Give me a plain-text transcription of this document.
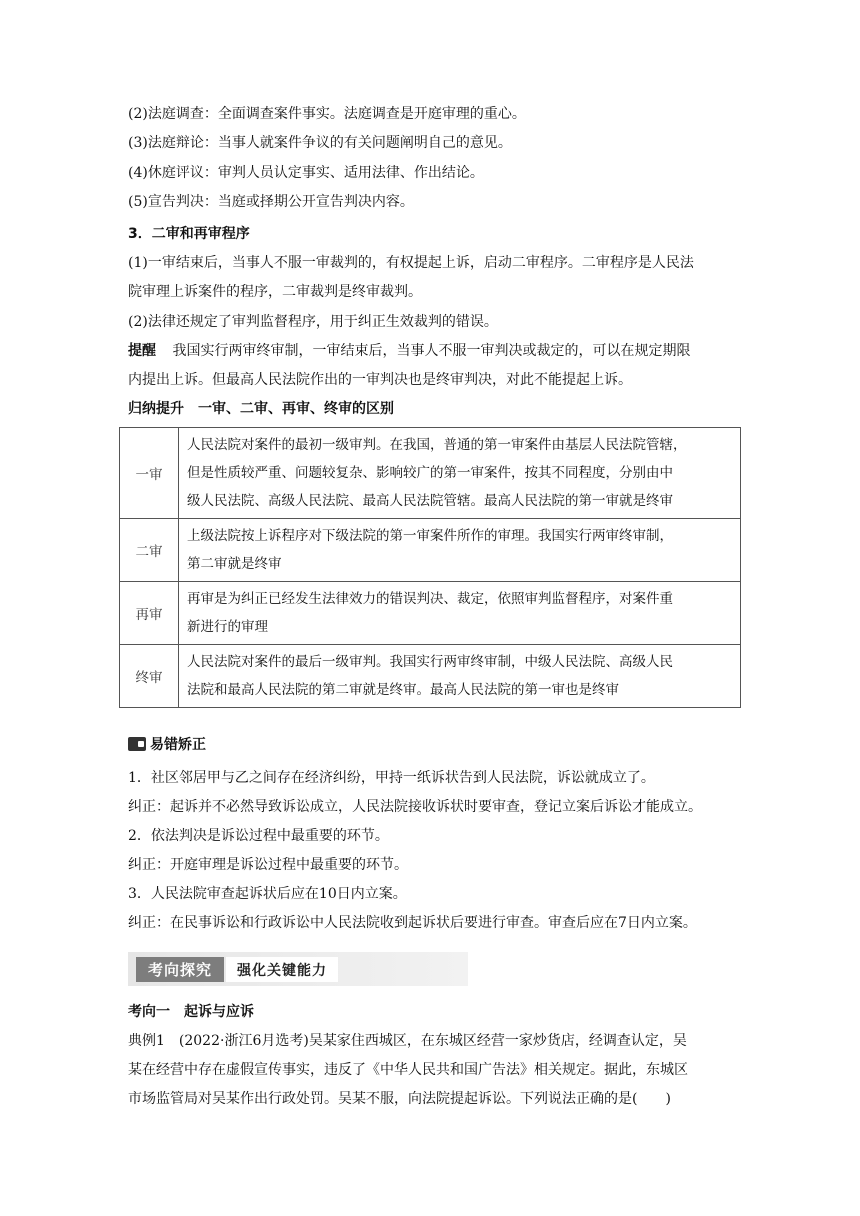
(2)法庭调查：全面调查案件事实。法庭调查是开庭审理的重心。
(3)法庭辩论：当事人就案件争议的有关问题阐明自己的意见。
(4)休庭评议：审判人员认定事实、适用法律、作出结论。
(5)宣告判决：当庭或择期公开宣告判决内容。
3．二审和再审程序
(1)一审结束后，当事人不服一审裁判的，有权提起上诉，启动二审程序。二审程序是人民法
院审理上诉案件的程序，二审裁判是终审裁判。
(2)法律还规定了审判监督程序，用于纠正生效裁判的错误。
提醒 我国实行两审终审制，一审结束后，当事人不服一审判决或裁定的，可以在规定期限
内提出上诉。但最高人民法院作出的一审判决也是终审判决，对此不能提起上诉。
归纳提升　一审、二审、再审、终审的区别
一审	人民法院对案件的最初一级审判。在我国，普通的第一审案件由基层人民法院管辖，
但是性质较严重、问题较复杂、影响较广的第一审案件，按其不同程度，分别由中
级人民法院、高级人民法院、最高人民法院管辖。最高人民法院的第一审就是终审

二审	上级法院按上诉程序对下级法院的第一审案件所作的审理。我国实行两审终审制，
第二审就是终审

再审	再审是为纠正已经发生法律效力的错误判决、裁定，依照审判监督程序，对案件重
新进行的审理

终审	人民法院对案件的最后一级审判。我国实行两审终审制，中级人民法院、高级人民
法院和最高人民法院的第二审就是终审。最高人民法院的第一审也是终审
易错矫正
1．社区邻居甲与乙之间存在经济纠纷，甲持一纸诉状告到人民法院，诉讼就成立了。
纠正：起诉并不必然导致诉讼成立，人民法院接收诉状时要审查，登记立案后诉讼才能成立。
2．依法判决是诉讼过程中最重要的环节。
纠正：开庭审理是诉讼过程中最重要的环节。
3．人民法院审查起诉状后应在10日内立案。
纠正：在民事诉讼和行政诉讼中人民法院收到起诉状后要进行审查。审查后应在7日内立案。
考向探究	强化关键能力
考向一　起诉与应诉
典例1　(2022·浙江6月选考)吴某家住西城区，在东城区经营一家炒货店，经调查认定，吴
某在经营中存在虚假宣传事实，违反了《中华人民共和国广告法》相关规定。据此，东城区
市场监管局对吴某作出行政处罚。吴某不服，向法院提起诉讼。下列说法正确的是(　　)
